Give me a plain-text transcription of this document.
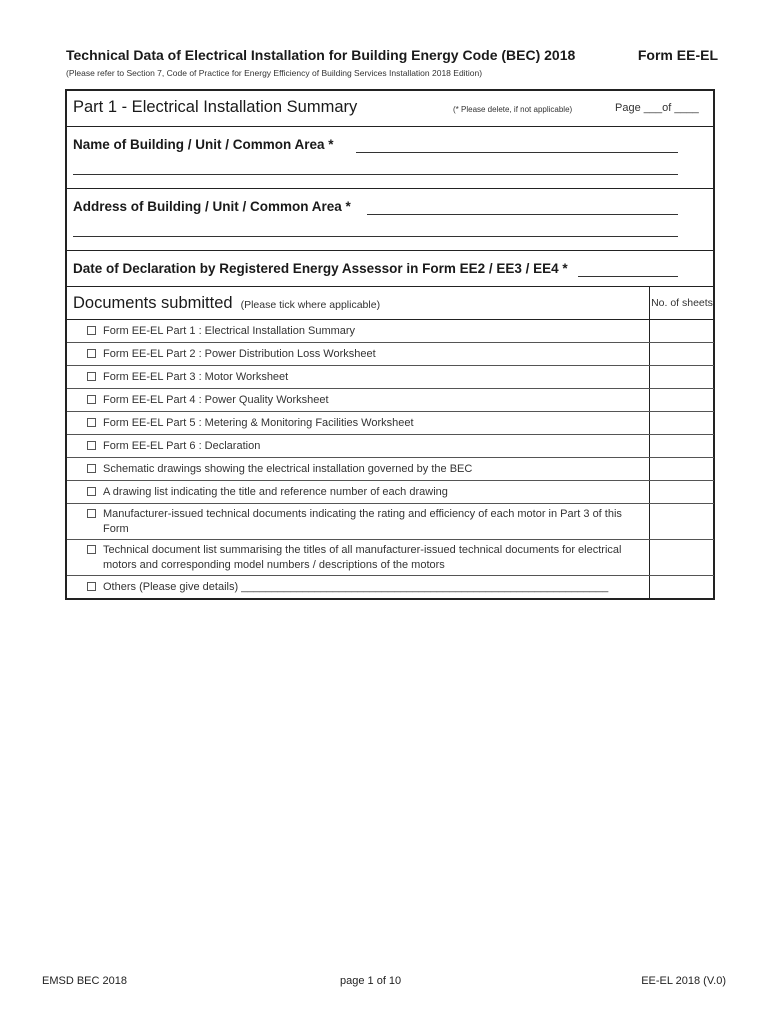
Technical Data of Electrical Installation for Building Energy Code (BEC) 2018	Form EE-EL
(Please refer to Section 7, Code of Practice for Energy Efficiency of Building Services Installation 2018 Edition)
Part 1 - Electrical Installation Summary	(* Please delete, if not applicable)	Page ___of ____
Name of Building / Unit / Common Area *
Address of Building / Unit / Common Area *
Date of Declaration by Registered Energy Assessor in Form EE2 / EE3 / EE4 *
Documents submitted (Please tick where applicable)	No. of sheets

Form EE-EL Part 1 : Electrical Installation Summary	

Form EE-EL Part 2 : Power Distribution Loss Worksheet	

Form EE-EL Part 3 : Motor Worksheet	

Form EE-EL Part 4 : Power Quality Worksheet	

Form EE-EL Part 5 : Metering & Monitoring Facilities Worksheet	

Form EE-EL Part 6 : Declaration	

Schematic drawings showing the electrical installation governed by the BEC	

A drawing list indicating the title and reference number of each drawing	

Manufacturer-issued technical documents indicating the rating and efficiency of each motor in Part 3 of this Form	

Technical document list summarising the titles of all manufacturer-issued technical documents for electrical motors and corresponding model numbers / descriptions of the motors	

Others (Please give details) ____________________________________________________________	

EMSD BEC 2018	page 1 of 10	EE-EL 2018 (V.0)
